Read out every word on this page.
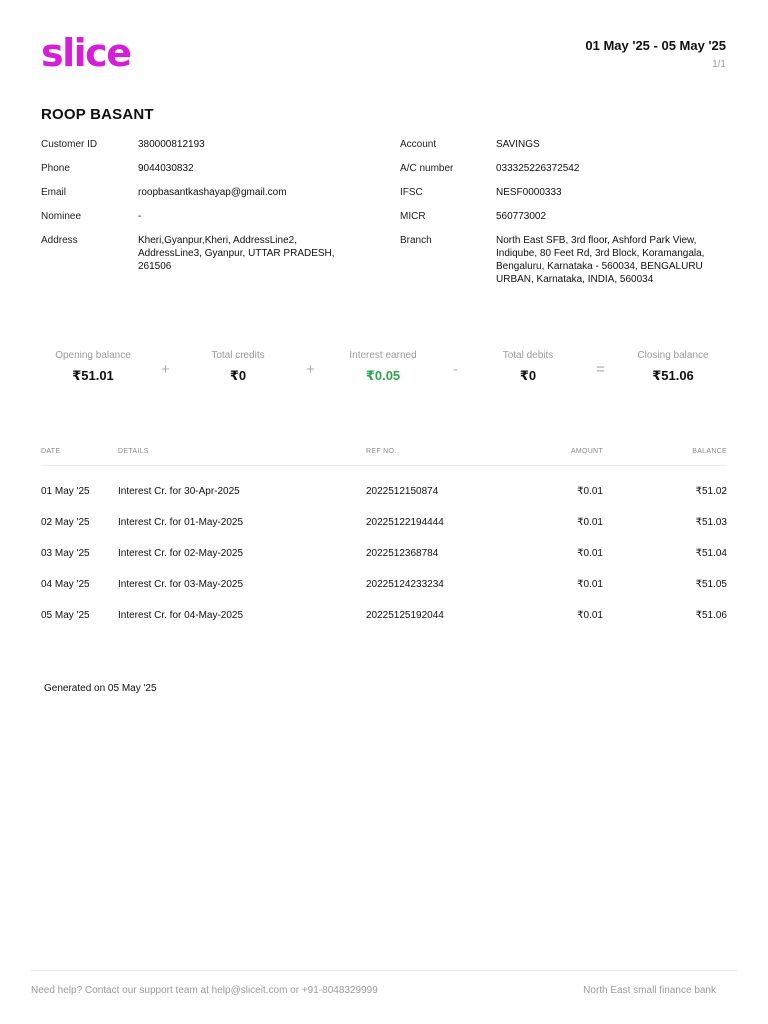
slice	01 May '25 - 05 May '25
1/1
ROOP BASANT
Customer ID	380000812193
Phone	9044030832
Email	roopbasantkashayap@gmail.com
Nominee	-
Address	Kheri,Gyanpur,Kheri, AddressLine2, AddressLine3, Gyanpur, UTTAR PRADESH, 261506
Account	SAVINGS
A/C number	033325226372542
IFSC	NESF0000333
MICR	560773002
Branch	North East SFB, 3rd floor, Ashford Park View, Indiqube, 80 Feet Rd, 3rd Block, Koramangala, Bengaluru, Karnataka - 560034, BENGALURU URBAN, Karnataka, INDIA, 560034
Opening balance
₹51.01	+
Total credits
₹0	+
Interest earned
₹0.05	-
Total debits
₹0	=
Closing balance
₹51.06
DATE	DETAILS	REF NO.	AMOUNT	BALANCE
01 May '25	Interest Cr. for 30-Apr-2025	2022512150874	₹0.01	₹51.02
02 May '25	Interest Cr. for 01-May-2025	20225122194444	₹0.01	₹51.03
03 May '25	Interest Cr. for 02-May-2025	2022512368784	₹0.01	₹51.04
04 May '25	Interest Cr. for 03-May-2025	20225124233234	₹0.01	₹51.05
05 May '25	Interest Cr. for 04-May-2025	20225125192044	₹0.01	₹51.06
Generated on 05 May '25
Need help? Contact our support team at help@sliceit.com or +91-8048329999	North East small finance bank
